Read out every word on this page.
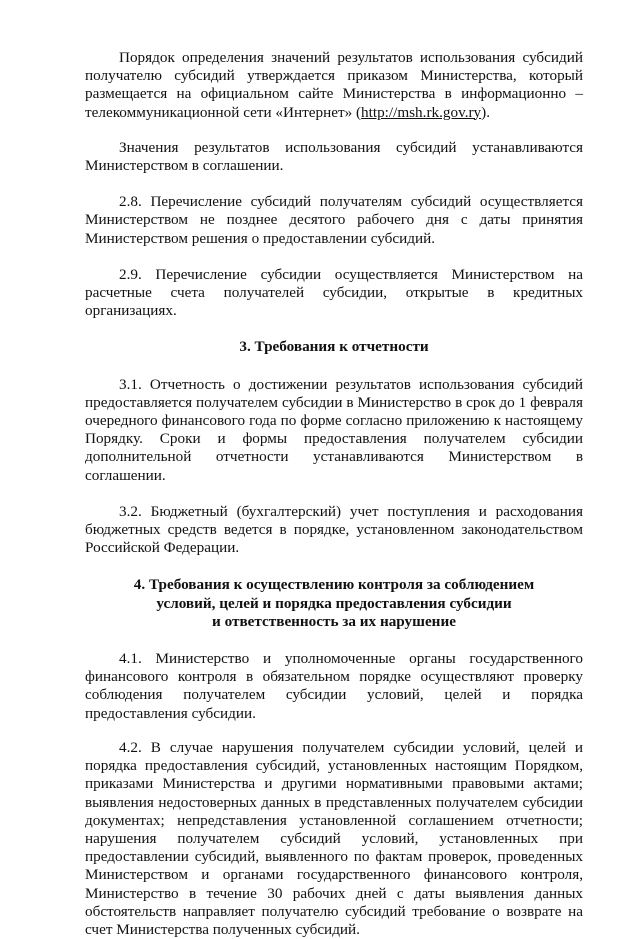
Порядок определения значений результатов использования субсидий получателю субсидий утверждается приказом Министерства, который размещается на официальном сайте Министерства в информационно – телекоммуникационной сети «Интернет» (http://msh.rk.gov.ry).

Значения результатов использования субсидий устанавливаются Министерством в соглашении.

2.8. Перечисление субсидий получателям субсидий осуществляется Министерством не позднее десятого рабочего дня с даты принятия Министерством решения о предоставлении субсидий.

2.9. Перечисление субсидии осуществляется Министерством на расчетные счета получателей субсидии, открытые в кредитных организациях.

3. Требования к отчетности

3.1. Отчетность о достижении результатов использования субсидий предоставляется получателем субсидии в Министерство в срок до 1 февраля очередного финансового года по форме согласно приложению к настоящему Порядку. Сроки и формы предоставления получателем субсидии дополнительной отчетности устанавливаются Министерством в соглашении.

3.2. Бюджетный (бухгалтерский) учет поступления и расходования бюджетных средств ведется в порядке, установленном законодательством Российской Федерации.

4. Требования к осуществлению контроля за соблюдением
условий, целей и порядка предоставления субсидии
и ответственность за их нарушение

4.1. Министерство и уполномоченные органы государственного финансового контроля в обязательном порядке осуществляют проверку соблюдения получателем субсидии условий, целей и порядка предоставления субсидии.

4.2. В случае нарушения получателем субсидии условий, целей и порядка предоставления субсидий, установленных настоящим Порядком, приказами Министерства и другими нормативными правовыми актами; выявления недостоверных данных в представленных получателем субсидии документах; непредставления установленной соглашением отчетности; нарушения получателем субсидий условий, установленных при предоставлении субсидий, выявленного по фактам проверок, проведенных Министерством и органами государственного финансового контроля, Министерство в течение 30 рабочих дней с даты выявления данных обстоятельств направляет получателю субсидий требование о возврате на счет Министерства полученных субсидий.
